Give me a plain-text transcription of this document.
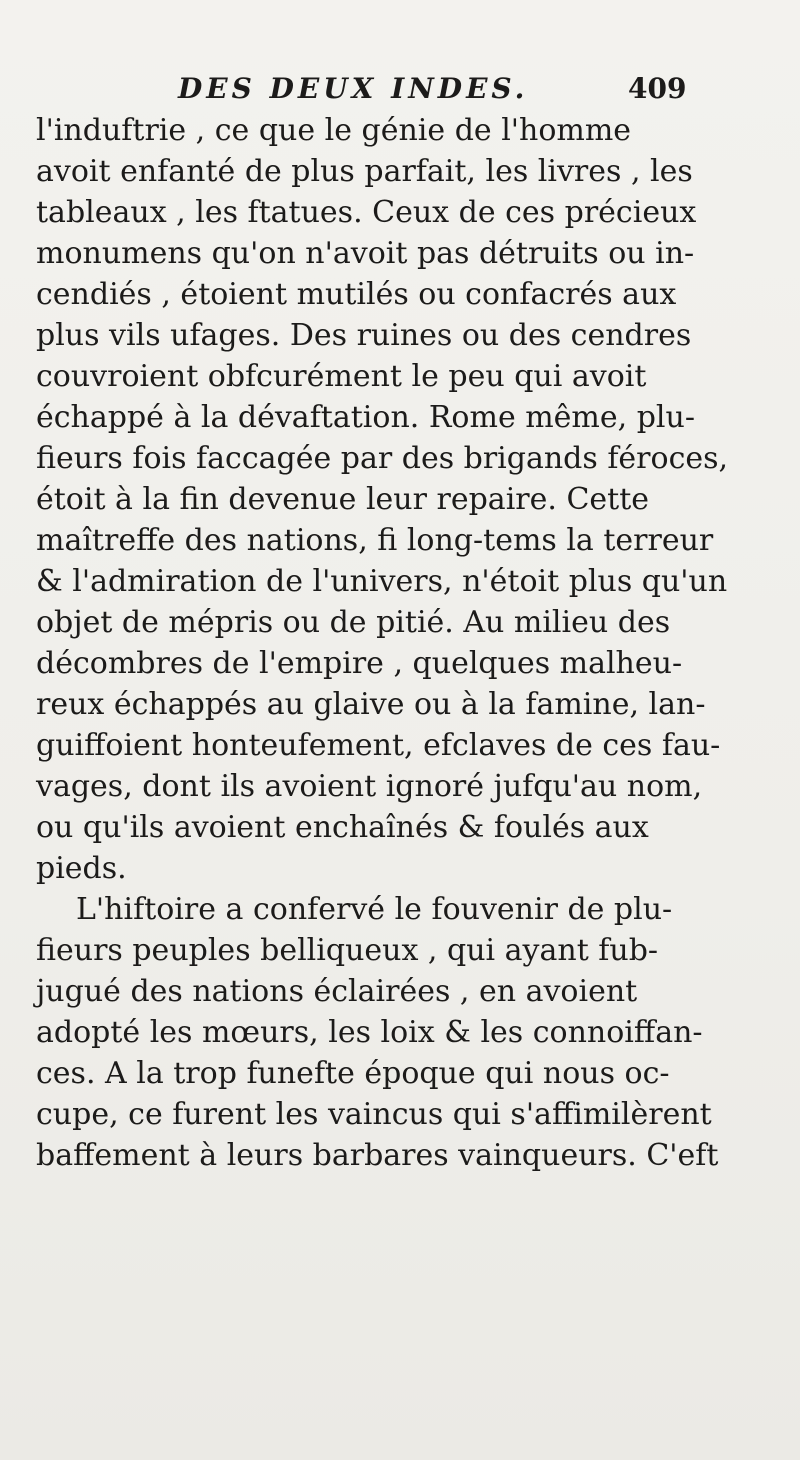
DES DEUX INDES.	409
l'induftrie , ce que le génie de l'homme
avoit enfanté de plus parfait, les livres , les
tableaux , les ftatues. Ceux de ces précieux
monumens qu'on n'avoit pas détruits ou in-
cendiés , étoient mutilés ou confacrés aux
plus vils ufages. Des ruines ou des cendres
couvroient obfcurément le peu qui avoit
échappé à la dévaftation. Rome même, plu-
fieurs fois faccagée par des brigands féroces,
étoit à la fin devenue leur repaire. Cette
maîtreffe des nations, fi long-tems la terreur
& l'admiration de l'univers, n'étoit plus qu'un
objet de mépris ou de pitié. Au milieu des
décombres de l'empire , quelques malheu-
reux échappés au glaive ou à la famine, lan-
guiffoient honteufement, efclaves de ces fau-
vages, dont ils avoient ignoré jufqu'au nom,
ou qu'ils avoient enchaînés & foulés aux
pieds.
L'hiftoire a confervé le fouvenir de plu-
fieurs peuples belliqueux , qui ayant fub-
jugué des nations éclairées , en avoient
adopté les mœurs, les loix & les connoiffan-
ces. A la trop funefte époque qui nous oc-
cupe, ce furent les vaincus qui s'affimilèrent
baffement à leurs barbares vainqueurs. C'eft
